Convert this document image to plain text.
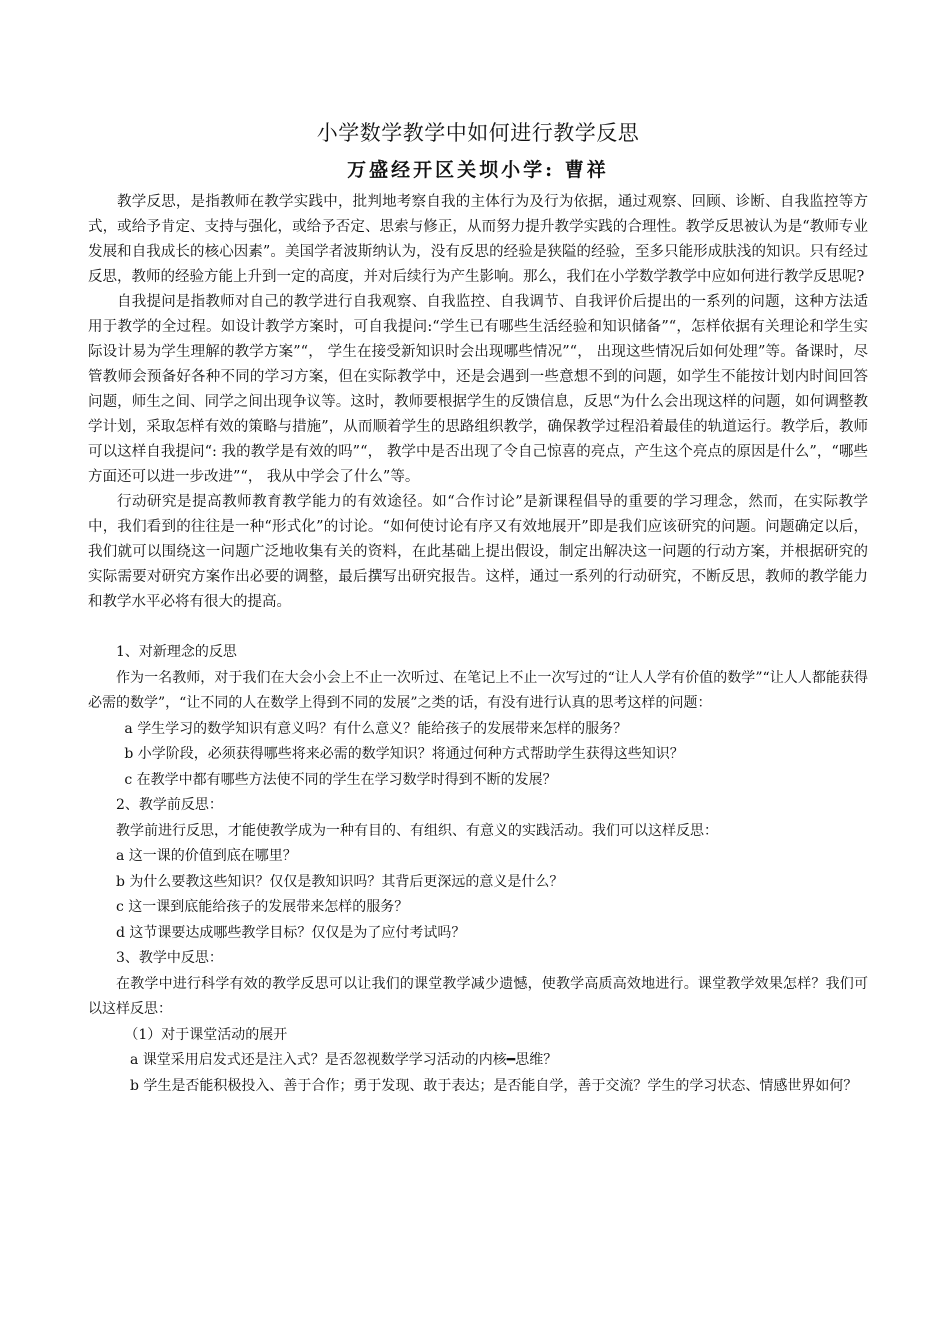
小学数学教学中如何进行教学反思
万盛经开区关坝小学: 曹祥

教学反思，是指教师在教学实践中，批判地考察自我的主体行为及行为依据，通过观察、回顾、诊断、自我监控等方式，或给予肯定、支持与强化，或给予否定、思索与修正，从而努力提升教学实践的合理性。教学反思被认为是“教师专业发展和自我成长的核心因素”。美国学者波斯纳认为，没有反思的经验是狭隘的经验，至多只能形成肤浅的知识。只有经过反思，教师的经验方能上升到一定的高度，并对后续行为产生影响。那么，我们在小学数学教学中应如何进行教学反思呢?

自我提问是指教师对自己的教学进行自我观察、自我监控、自我调节、自我评价后提出的一系列的问题，这种方法适用于教学的全过程。如设计教学方案时，可自我提问:“学生已有哪些生活经验和知识储备”“，怎样依据有关理论和学生实际设计易为学生理解的教学方案”“， 学生在接受新知识时会出现哪些情况”“， 出现这些情况后如何处理”等。备课时，尽管教师会预备好各种不同的学习方案，但在实际教学中，还是会遇到一些意想不到的问题，如学生不能按计划内时间回答问题，师生之间、同学之间出现争议等。这时，教师要根据学生的反馈信息，反思“为什么会出现这样的问题，如何调整教学计划，采取怎样有效的策略与措施”，从而顺着学生的思路组织教学，确保教学过程沿着最佳的轨道运行。教学后，教师可以这样自我提问“: 我的教学是有效的吗”“， 教学中是否出现了令自己惊喜的亮点，产生这个亮点的原因是什么”，“哪些方面还可以进一步改进”“， 我从中学会了什么”等。

行动研究是提高教师教育教学能力的有效途径。如“合作讨论”是新课程倡导的重要的学习理念，然而，在实际教学中，我们看到的往往是一种“形式化”的讨论。“如何使讨论有序又有效地展开”即是我们应该研究的问题。问题确定以后，我们就可以围绕这一问题广泛地收集有关的资料，在此基础上提出假设，制定出解决这一问题的行动方案，并根据研究的实际需要对研究方案作出必要的调整，最后撰写出研究报告。这样，通过一系列的行动研究，不断反思，教师的教学能力和教学水平必将有很大的提高。

1、对新理念的反思

作为一名教师，对于我们在大会小会上不止一次听过、在笔记上不止一次写过的“让人人学有价值的数学”“让人人都能获得必需的数学”，“让不同的人在数学上得到不同的发展”之类的话，有没有进行认真的思考这样的问题：

a 学生学习的数学知识有意义吗？有什么意义？能给孩子的发展带来怎样的服务？

b 小学阶段，必须获得哪些将来必需的数学知识？将通过何种方式帮助学生获得这些知识？

c 在教学中都有哪些方法使不同的学生在学习数学时得到不断的发展？

2、教学前反思：

教学前进行反思，才能使教学成为一种有目的、有组织、有意义的实践活动。我们可以这样反思：

a 这一课的价值到底在哪里？

b 为什么要教这些知识？仅仅是教知识吗？其背后更深远的意义是什么？

c 这一课到底能给孩子的发展带来怎样的服务？

d 这节课要达成哪些教学目标？仅仅是为了应付考试吗？

3、教学中反思：

在教学中进行科学有效的教学反思可以让我们的课堂教学减少遗憾，使教学高质高效地进行。课堂教学效果怎样？我们可以这样反思：

（1）对于课堂活动的展开

a 课堂采用启发式还是注入式？是否忽视数学学习活动的内核━思维？

b 学生是否能积极投入、善于合作；勇于发现、敢于表达；是否能自学，善于交流？学生的学习状态、情感世界如何？
